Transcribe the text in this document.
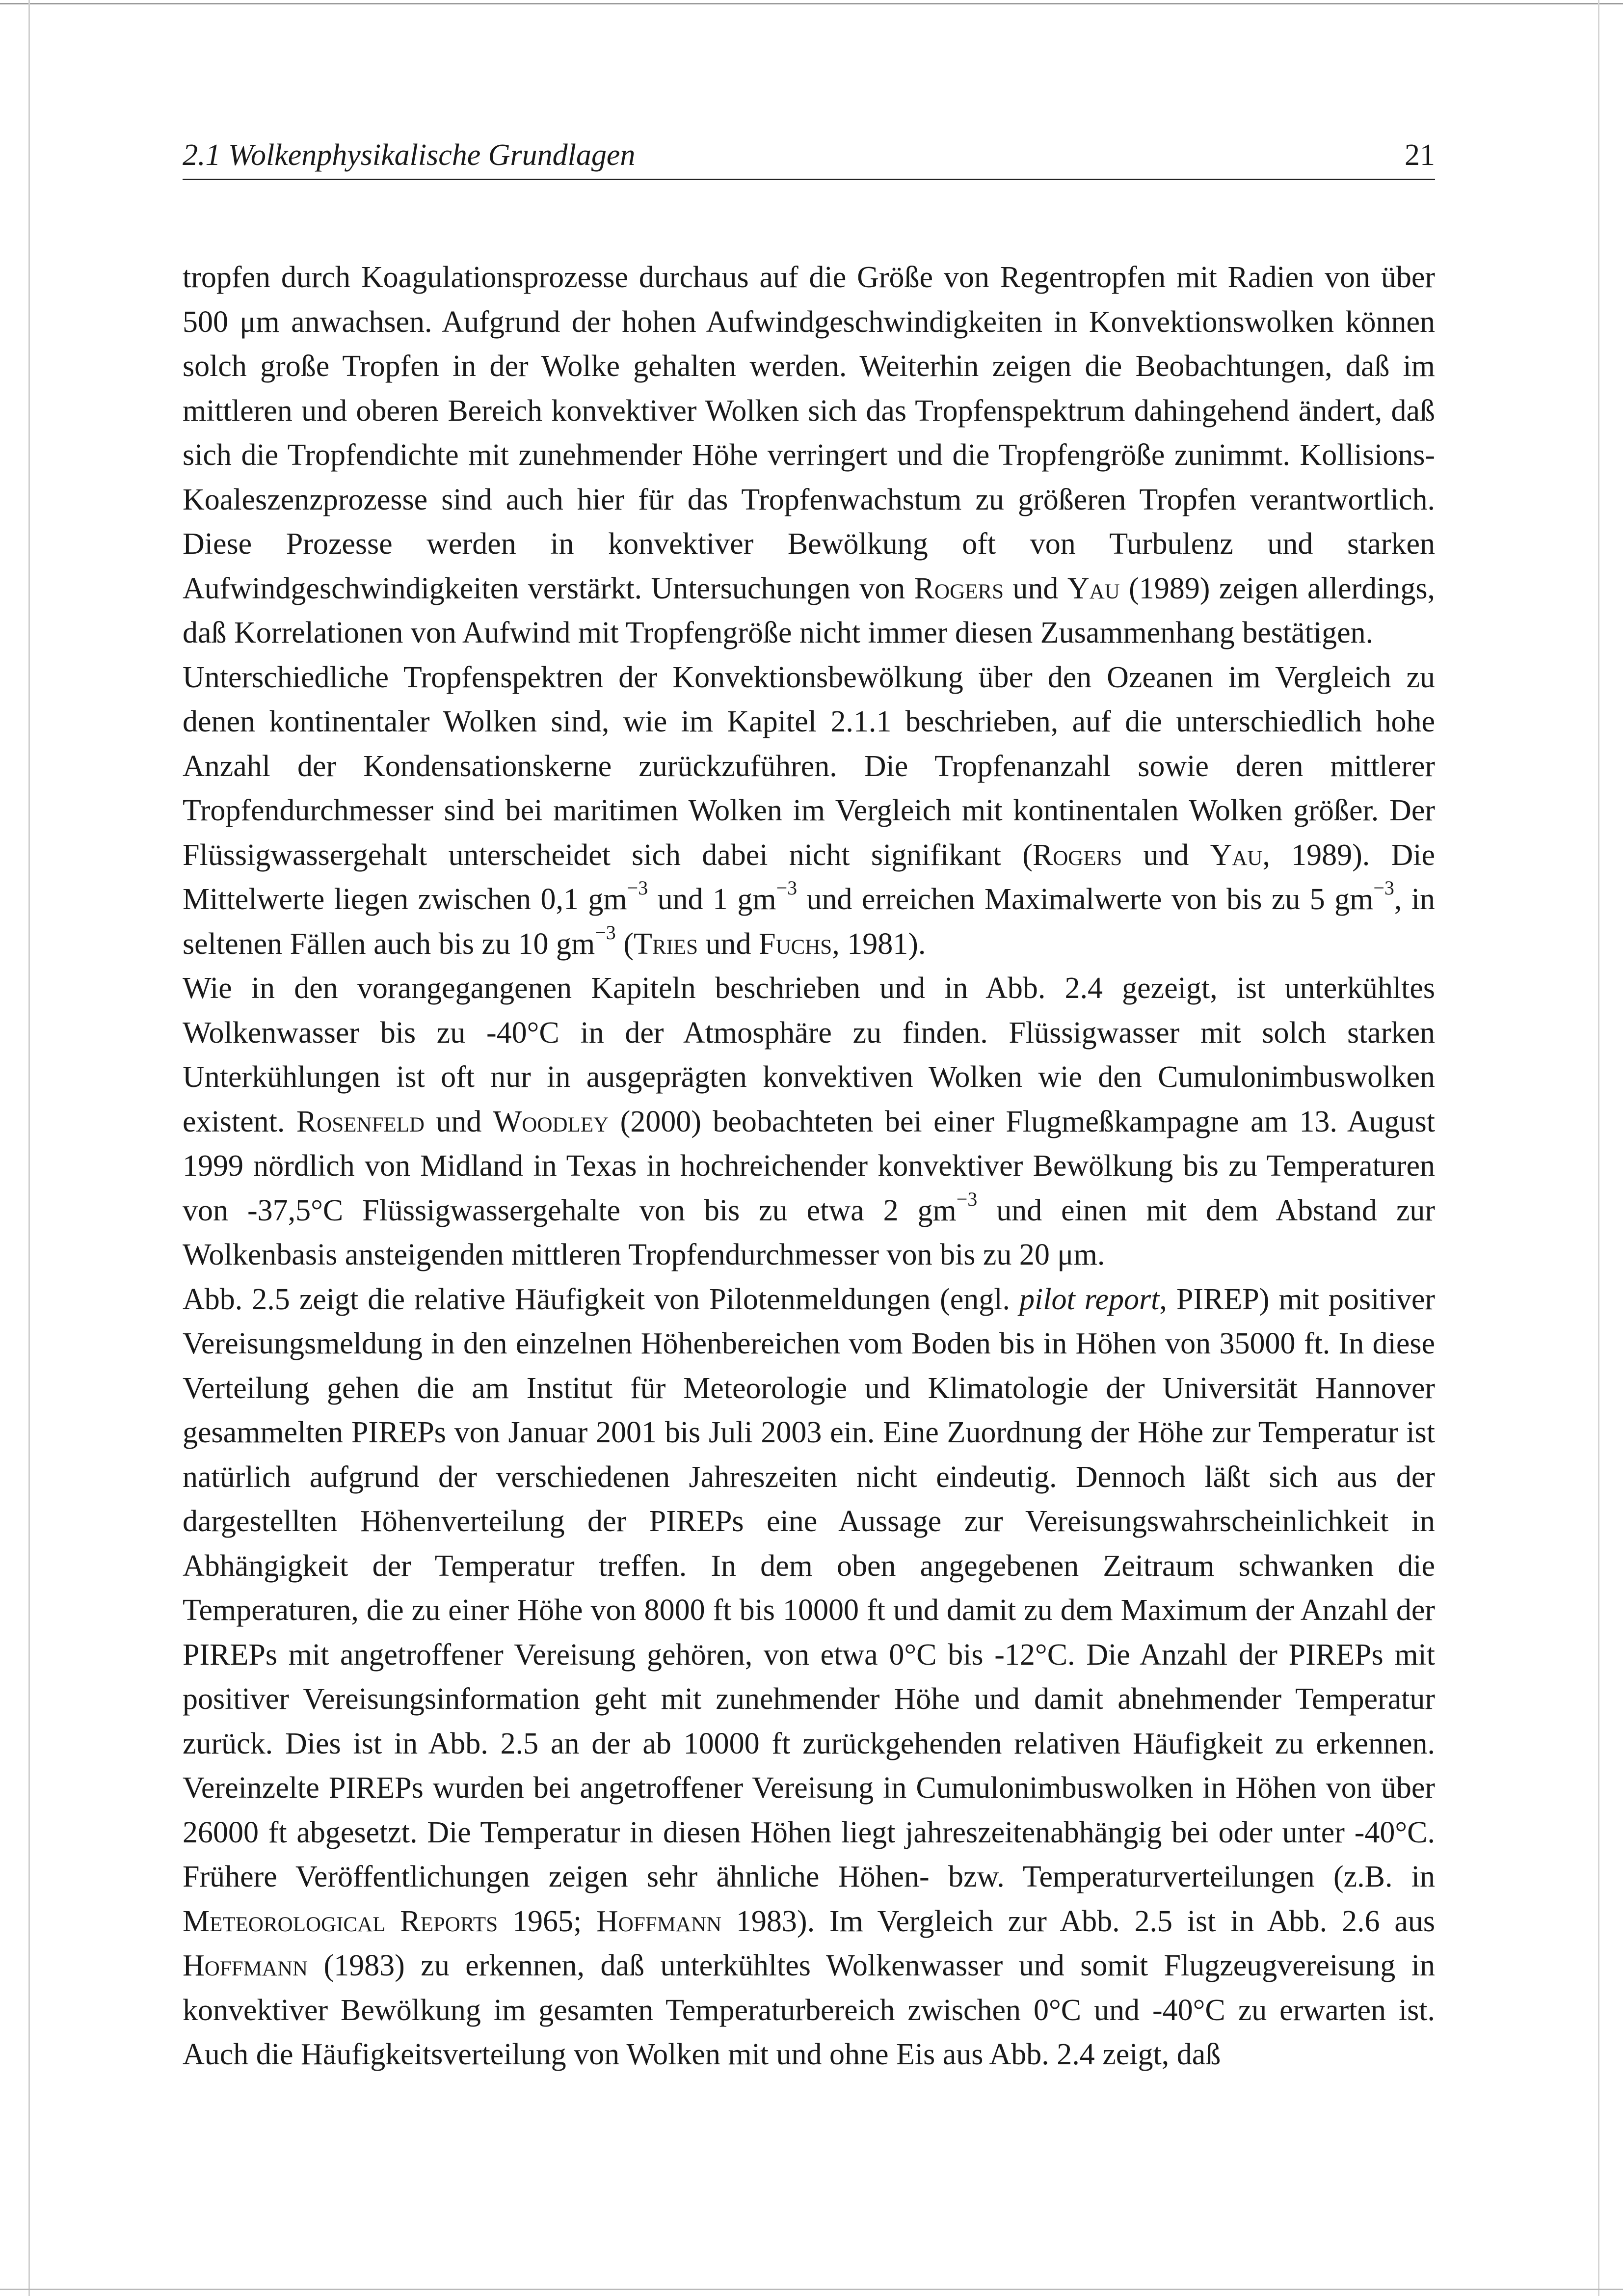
2.1 Wolkenphysikalische Grundlagen	21

tropfen durch Koagulationsprozesse durchaus auf die Größe von Regentropfen mit Radien von über 500 μm anwachsen. Aufgrund der hohen Aufwindgeschwindigkeiten in Konvektionswolken können solch große Tropfen in der Wolke gehalten werden. Weiterhin zeigen die Beobachtungen, daß im mittleren und oberen Bereich konvektiver Wolken sich das Tropfenspektrum dahingehend ändert, daß sich die Tropfendichte mit zunehmender Höhe verringert und die Tropfengröße zunimmt. Kollisions-Koaleszenzprozesse sind auch hier für das Tropfenwachstum zu größeren Tropfen verantwortlich. Diese Prozesse werden in konvektiver Bewölkung oft von Turbulenz und starken Aufwindgeschwindigkeiten verstärkt. Untersuchungen von Rogers und Yau (1989) zeigen allerdings, daß Korrelationen von Aufwind mit Tropfengröße nicht immer diesen Zusammenhang bestätigen.

Unterschiedliche Tropfenspektren der Konvektionsbewölkung über den Ozeanen im Vergleich zu denen kontinentaler Wolken sind, wie im Kapitel 2.1.1 beschrieben, auf die unterschiedlich hohe Anzahl der Kondensationskerne zurückzuführen. Die Tropfenanzahl sowie deren mittlerer Tropfendurchmesser sind bei maritimen Wolken im Vergleich mit kontinentalen Wolken größer. Der Flüssigwassergehalt unterscheidet sich dabei nicht signifikant (Rogers und Yau, 1989). Die Mittelwerte liegen zwischen 0,1 $gm^{-3}$ und 1 $gm^{-3}$ und erreichen Maximalwerte von bis zu 5 $gm^{-3}$, in seltenen Fällen auch bis zu 10 $gm^{-3}$ (Tries und Fuchs, 1981).

Wie in den vorangegangenen Kapiteln beschrieben und in Abb. 2.4 gezeigt, ist unterkühltes Wolkenwasser bis zu -40°C in der Atmosphäre zu finden. Flüssigwasser mit solch starken Unterkühlungen ist oft nur in ausgeprägten konvektiven Wolken wie den Cumulonimbuswolken existent. Rosenfeld und Woodley (2000) beobachteten bei einer Flugmeßkampagne am 13. August 1999 nördlich von Midland in Texas in hochreichender konvektiver Bewölkung bis zu Temperaturen von -37,5°C Flüssigwassergehalte von bis zu etwa 2 $gm^{-3}$ und einen mit dem Abstand zur Wolkenbasis ansteigenden mittleren Tropfendurchmesser von bis zu 20 μm.

Abb. 2.5 zeigt die relative Häufigkeit von Pilotenmeldungen (engl. pilot report, PIREP) mit positiver Vereisungsmeldung in den einzelnen Höhenbereichen vom Boden bis in Höhen von 35000 ft. In diese Verteilung gehen die am Institut für Meteorologie und Klimatologie der Universität Hannover gesammelten PIREPs von Januar 2001 bis Juli 2003 ein. Eine Zuordnung der Höhe zur Temperatur ist natürlich aufgrund der verschiedenen Jahreszeiten nicht eindeutig. Dennoch läßt sich aus der dargestellten Höhenverteilung der PIREPs eine Aussage zur Vereisungswahrscheinlichkeit in Abhängigkeit der Temperatur treffen. In dem oben angegebenen Zeitraum schwanken die Temperaturen, die zu einer Höhe von 8000 ft bis 10000 ft und damit zu dem Maximum der Anzahl der PIREPs mit angetroffener Vereisung gehören, von etwa 0°C bis -12°C. Die Anzahl der PIREPs mit positiver Vereisungsinformation geht mit zunehmender Höhe und damit abnehmender Temperatur zurück. Dies ist in Abb. 2.5 an der ab 10000 ft zurückgehenden relativen Häufigkeit zu erkennen. Vereinzelte PIREPs wurden bei angetroffener Vereisung in Cumulonimbuswolken in Höhen von über 26000 ft abgesetzt. Die Temperatur in diesen Höhen liegt jahreszeitenabhängig bei oder unter -40°C. Frühere Veröffentlichungen zeigen sehr ähnliche Höhen- bzw. Temperaturverteilungen (z.B. in Meteorological Reports 1965; Hoffmann 1983). Im Vergleich zur Abb. 2.5 ist in Abb. 2.6 aus Hoffmann (1983) zu erkennen, daß unterkühltes Wolkenwasser und somit Flugzeugvereisung in konvektiver Bewölkung im gesamten Temperaturbereich zwischen 0°C und -40°C zu erwarten ist. Auch die Häufigkeitsverteilung von Wolken mit und ohne Eis aus Abb. 2.4 zeigt, daß
